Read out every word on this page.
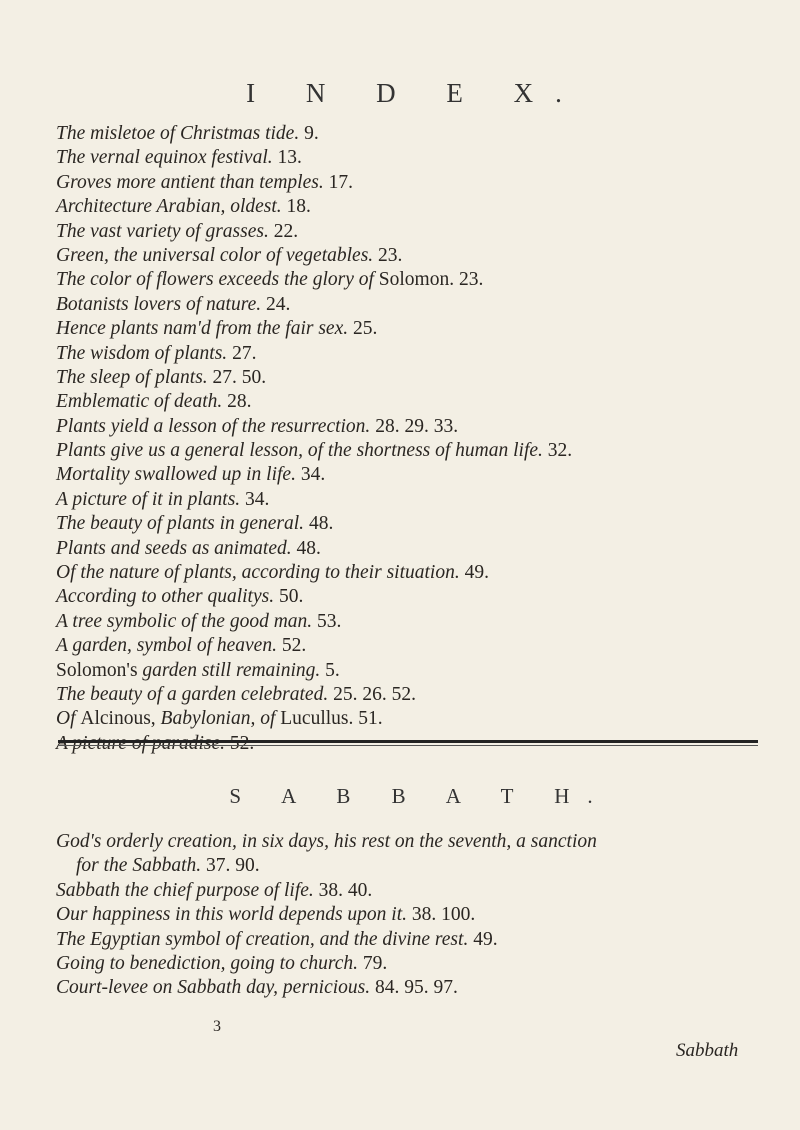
I N D E X.
The misletoe of Christmas tide. 9.
The vernal equinox festival. 13.
Groves more antient than temples. 17.
Architecture Arabian, oldest. 18.
The vast variety of grasses. 22.
Green, the universal color of vegetables. 23.
The color of flowers exceeds the glory of Solomon. 23.
Botanists lovers of nature. 24.
Hence plants nam'd from the fair sex. 25.
The wisdom of plants. 27.
The sleep of plants. 27. 50.
Emblematic of death. 28.
Plants yield a lesson of the resurrection. 28. 29. 33.
Plants give us a general lesson, of the shortness of human life. 32.
Mortality swallowed up in life. 34.
A picture of it in plants. 34.
The beauty of plants in general. 48.
Plants and seeds as animated. 48.
Of the nature of plants, according to their situation. 49.
According to other qualitys. 50.
A tree symbolic of the good man. 53.
A garden, symbol of heaven. 52.
Solomon's garden still remaining. 5.
The beauty of a garden celebrated. 25. 26. 52.
Of Alcinous, Babylonian, of Lucullus. 51.
A picture of paradise. 52.
S A B B A T H.
God's orderly creation, in six days, his rest on the seventh, a sanction
for the Sabbath. 37. 90.
Sabbath the chief purpose of life. 38. 40.
Our happiness in this world depends upon it. 38. 100.
The Egyptian symbol of creation, and the divine rest. 49.
Going to benediction, going to church. 79.
Court-levee on Sabbath day, pernicious. 84. 95. 97.
3
Sabbath
